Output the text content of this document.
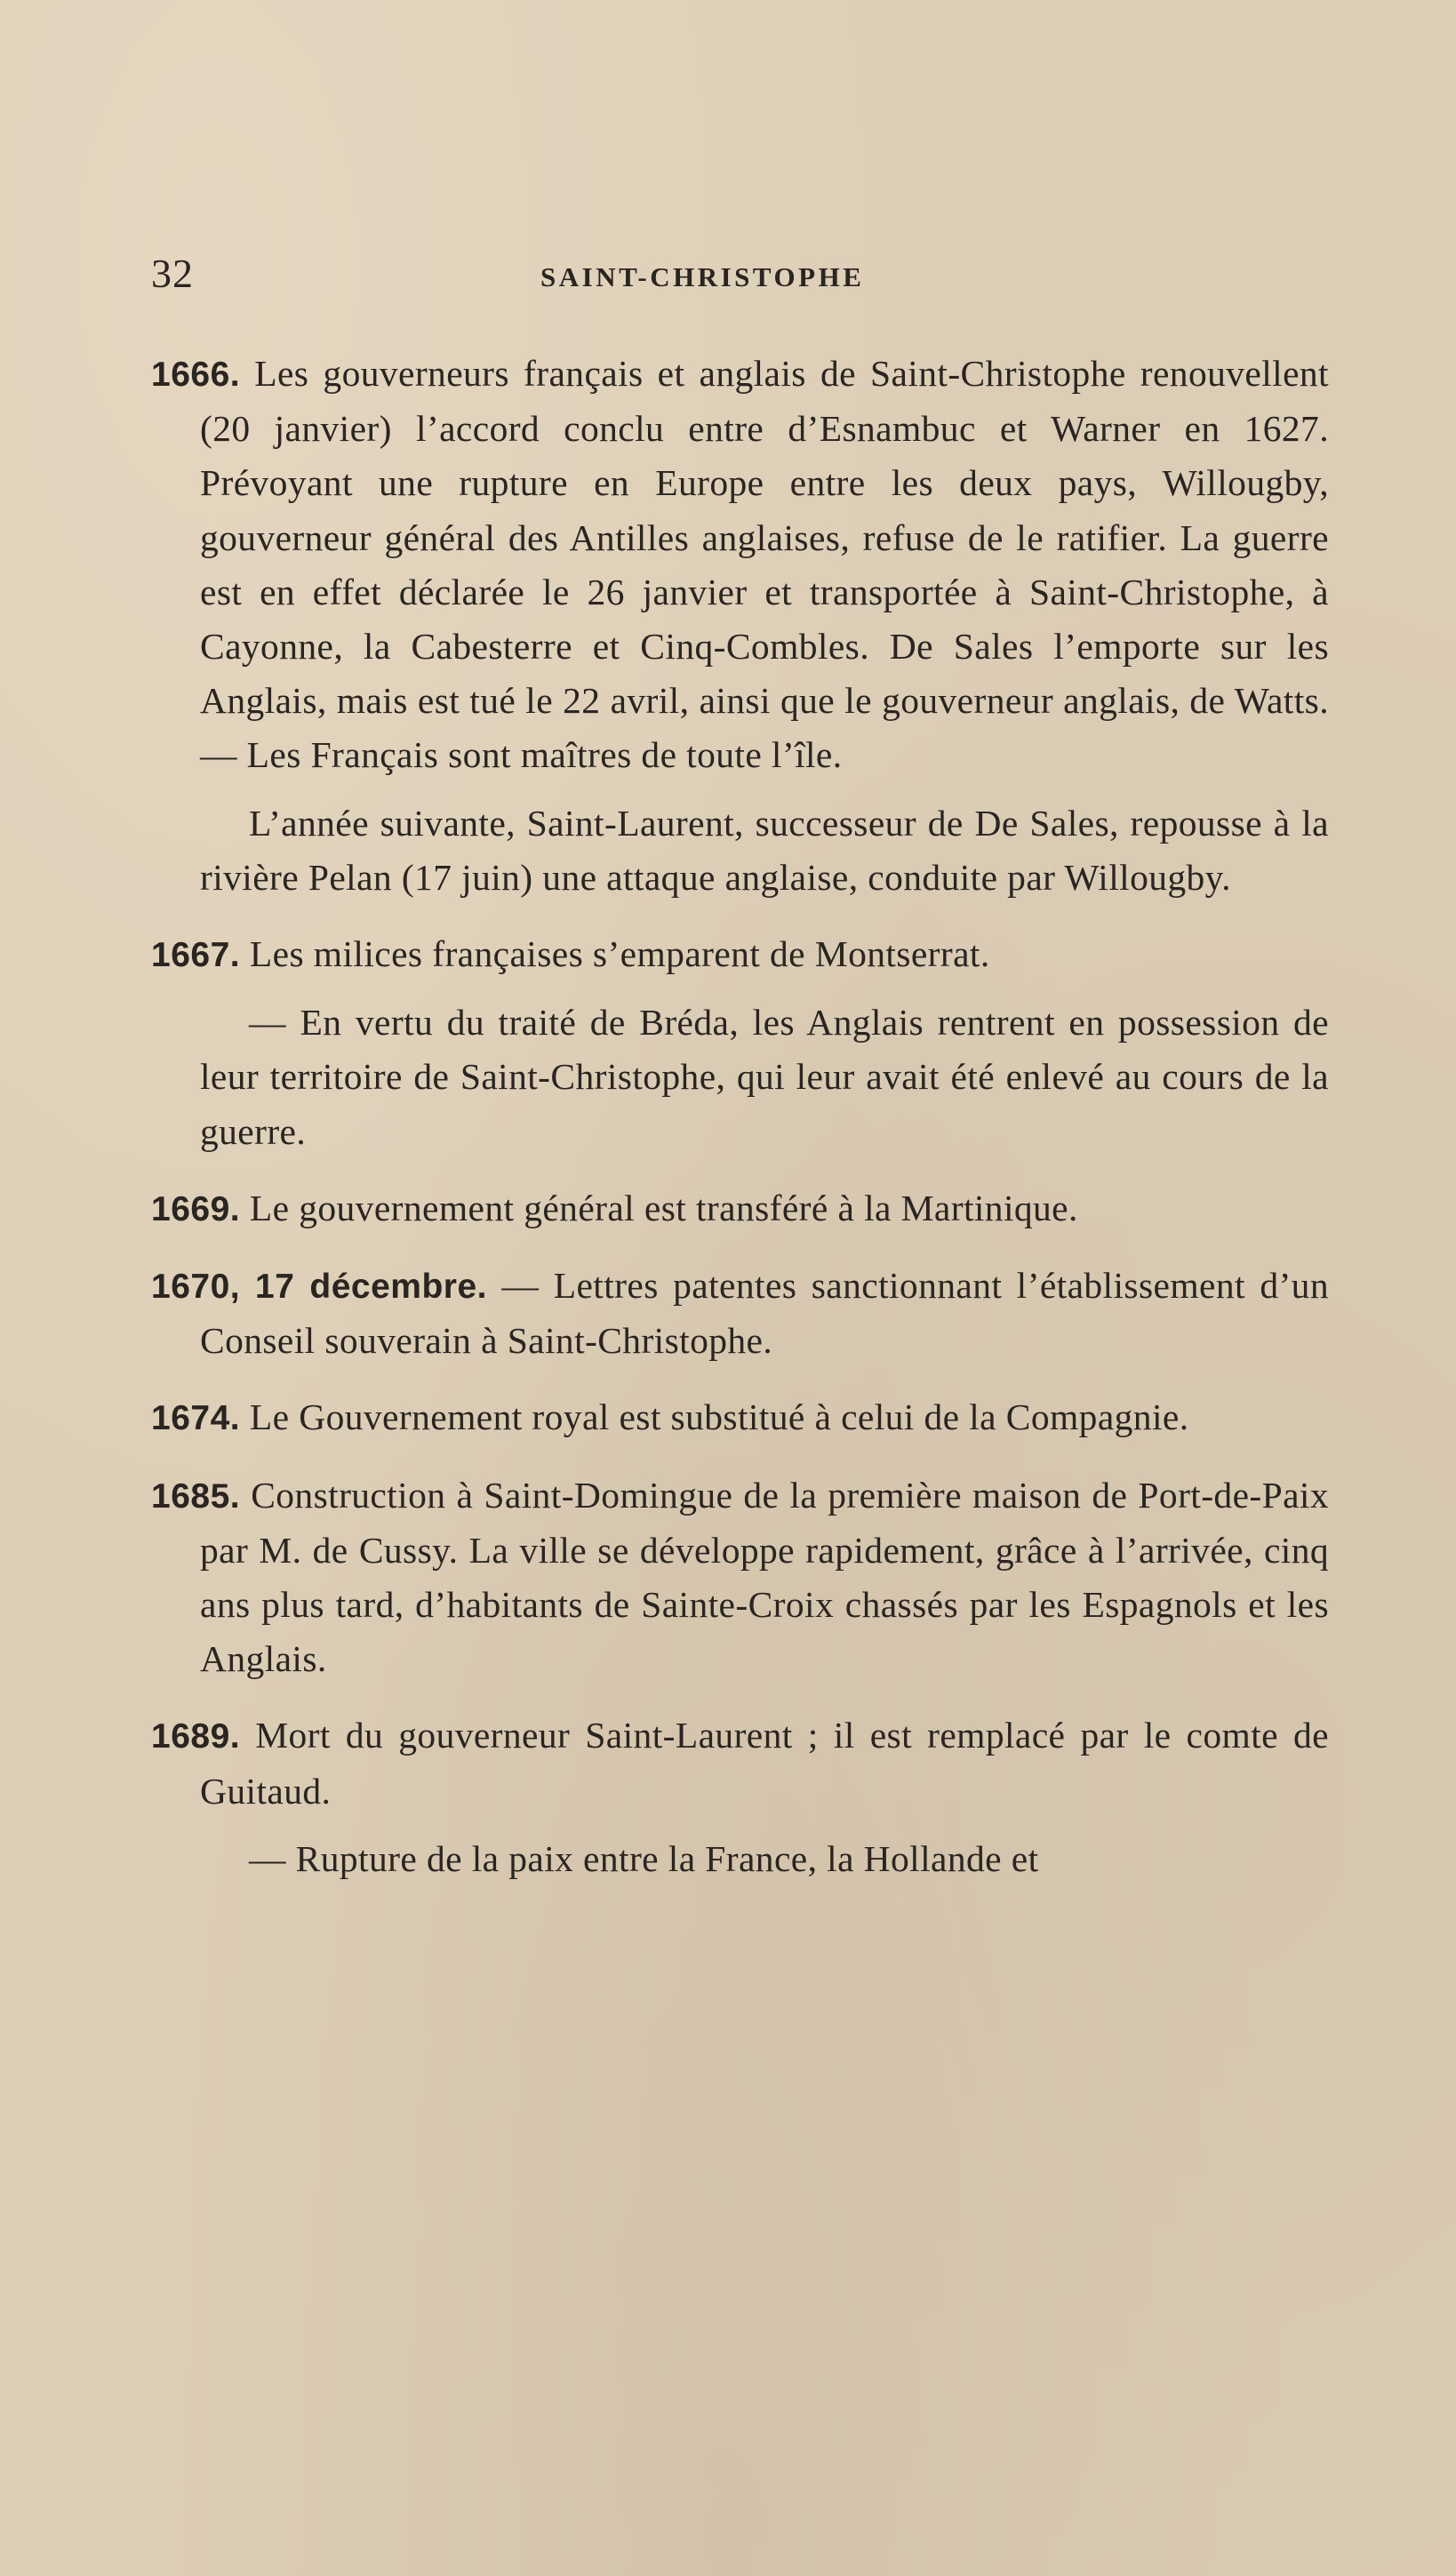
32	SAINT-CHRISTOPHE

1666. Les gouverneurs français et anglais de Saint-Christophe renouvellent (20 janvier) l’accord conclu entre d’Esnambuc et Warner en 1627. Prévoyant une rupture en Europe entre les deux pays, Willougby, gouverneur général des Antilles anglaises, refuse de le ratifier. La guerre est en effet déclarée le 26 janvier et transportée à Saint-Christophe, à Cayonne, la Cabesterre et Cinq-Combles. De Sales l’emporte sur les Anglais, mais est tué le 22 avril, ainsi que le gouverneur anglais, de Watts. — Les Français sont maîtres de toute l’île.

L’année suivante, Saint-Laurent, successeur de De Sales, repousse à la rivière Pelan (17 juin) une attaque anglaise, conduite par Willougby.

1667. Les milices françaises s’emparent de Montserrat.

— En vertu du traité de Bréda, les Anglais rentrent en possession de leur territoire de Saint-Christophe, qui leur avait été enlevé au cours de la guerre.

1669. Le gouvernement général est transféré à la Martinique.

1670, 17 décembre. — Lettres patentes sanctionnant l’établissement d’un Conseil souverain à Saint-Christophe.

1674. Le Gouvernement royal est substitué à celui de la Compagnie.

1685. Construction à Saint-Domingue de la première maison de Port-de-Paix par M. de Cussy. La ville se développe rapidement, grâce à l’arrivée, cinq ans plus tard, d’habitants de Sainte-Croix chassés par les Espagnols et les Anglais.

1689. Mort du gouverneur Saint-Laurent ; il est remplacé par le comte de Guitaud.

— Rupture de la paix entre la France, la Hollande et
